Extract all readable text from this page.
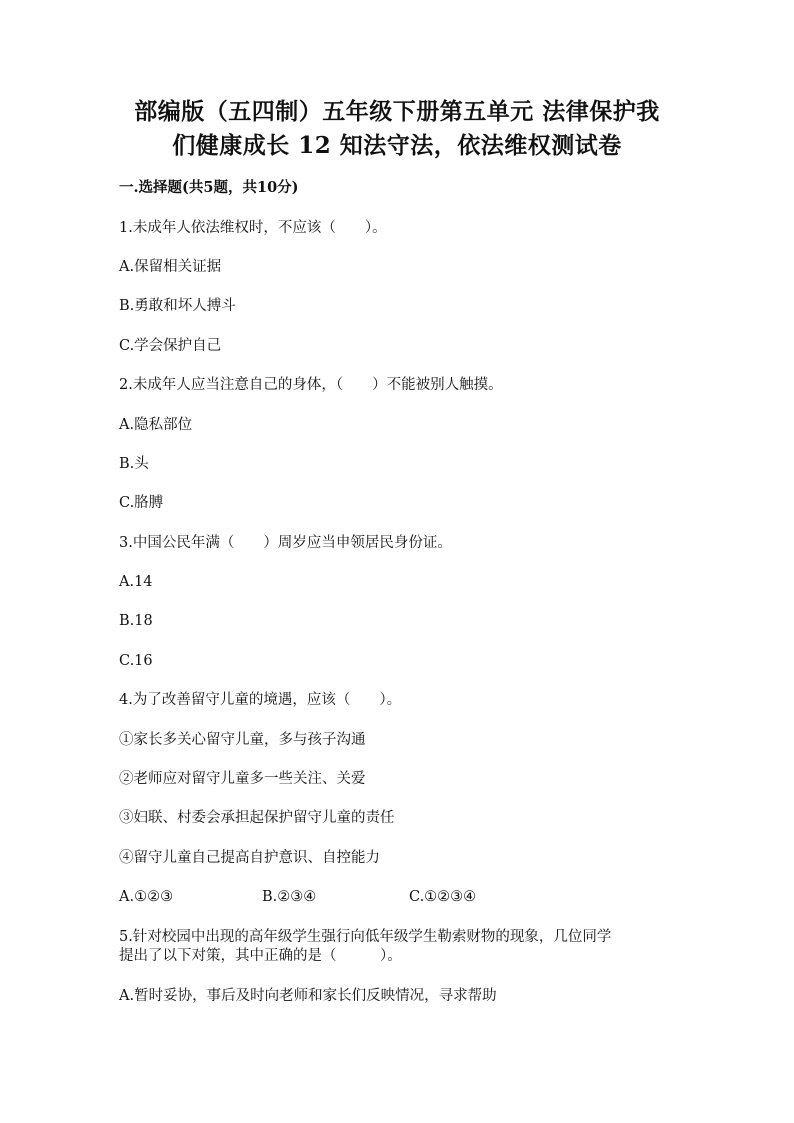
部编版（五四制）五年级下册第五单元 法律保护我
们健康成长 12 知法守法，依法维权测试卷
一.选择题(共5题，共10分)
1.未成年人依法维权时，不应该（　　）。
A.保留相关证据
B.勇敢和坏人搏斗
C.学会保护自己
2.未成年人应当注意自己的身体，（　　）不能被别人触摸。
A.隐私部位
B.头
C.胳膊
3.中国公民年满（　　）周岁应当申领居民身份证。
A.14
B.18
C.16
4.为了改善留守儿童的境遇，应该（　　）。
①家长多关心留守儿童，多与孩子沟通
②老师应对留守儿童多一些关注、关爱
③妇联、村委会承担起保护留守儿童的责任
④留守儿童自己提高自护意识、自控能力
A.①②③	B.②③④	C.①②③④
5.针对校园中出现的高年级学生强行向低年级学生勒索财物的现象，几位同学
提出了以下对策，其中正确的是（　　　）。
A.暂时妥协，事后及时向老师和家长们反映情况，寻求帮助
